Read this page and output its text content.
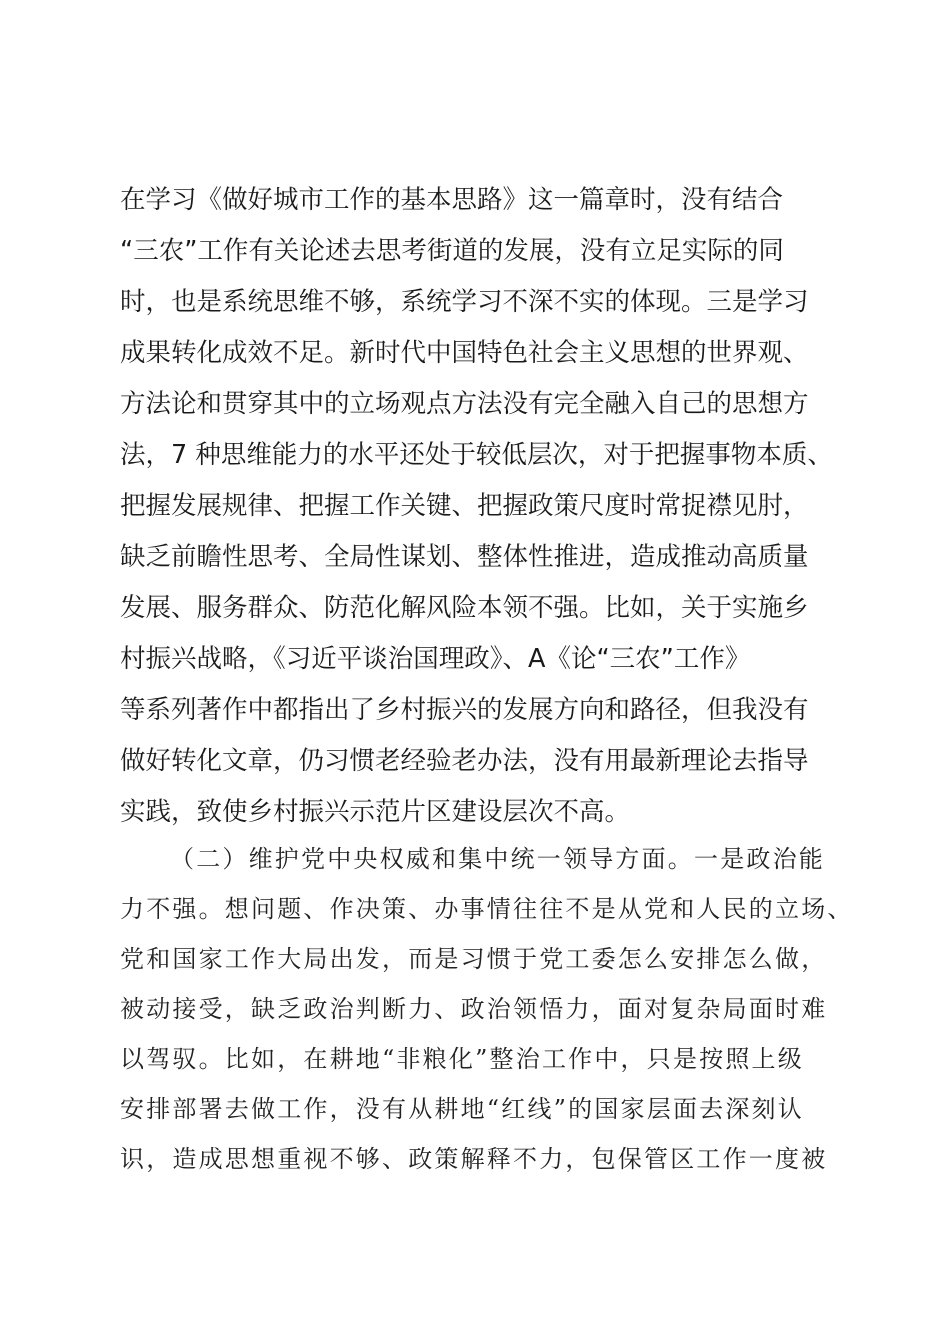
在学习《做好城市工作的基本思路》这一篇章时，没有结合
“三农”工作有关论述去思考街道的发展，没有立足实际的同
时，也是系统思维不够，系统学习不深不实的体现。三是学习
成果转化成效不足。新时代中国特色社会主义思想的世界观、
方法论和贯穿其中的立场观点方法没有完全融入自己的思想方
法，7 种思维能力的水平还处于较低层次，对于把握事物本质、
把握发展规律、把握工作关键、把握政策尺度时常捉襟见肘，
缺乏前瞻性思考、全局性谋划、整体性推进，造成推动高质量
发展、服务群众、防范化解风险本领不强。比如，关于实施乡
村振兴战略，《习近平谈治国理政》、A《论“三农”工作》
等系列著作中都指出了乡村振兴的发展方向和路径，但我没有
做好转化文章，仍习惯老经验老办法，没有用最新理论去指导
实践，致使乡村振兴示范片区建设层次不高。
（二）维护党中央权威和集中统一领导方面。一是政治能
力不强。想问题、作决策、办事情往往不是从党和人民的立场、
党和国家工作大局出发，而是习惯于党工委怎么安排怎么做，
被动接受，缺乏政治判断力、政治领悟力，面对复杂局面时难
以驾驭。比如，在耕地“非粮化”整治工作中，只是按照上级
安排部署去做工作，没有从耕地“红线”的国家层面去深刻认
识，造成思想重视不够、政策解释不力，包保管区工作一度被
